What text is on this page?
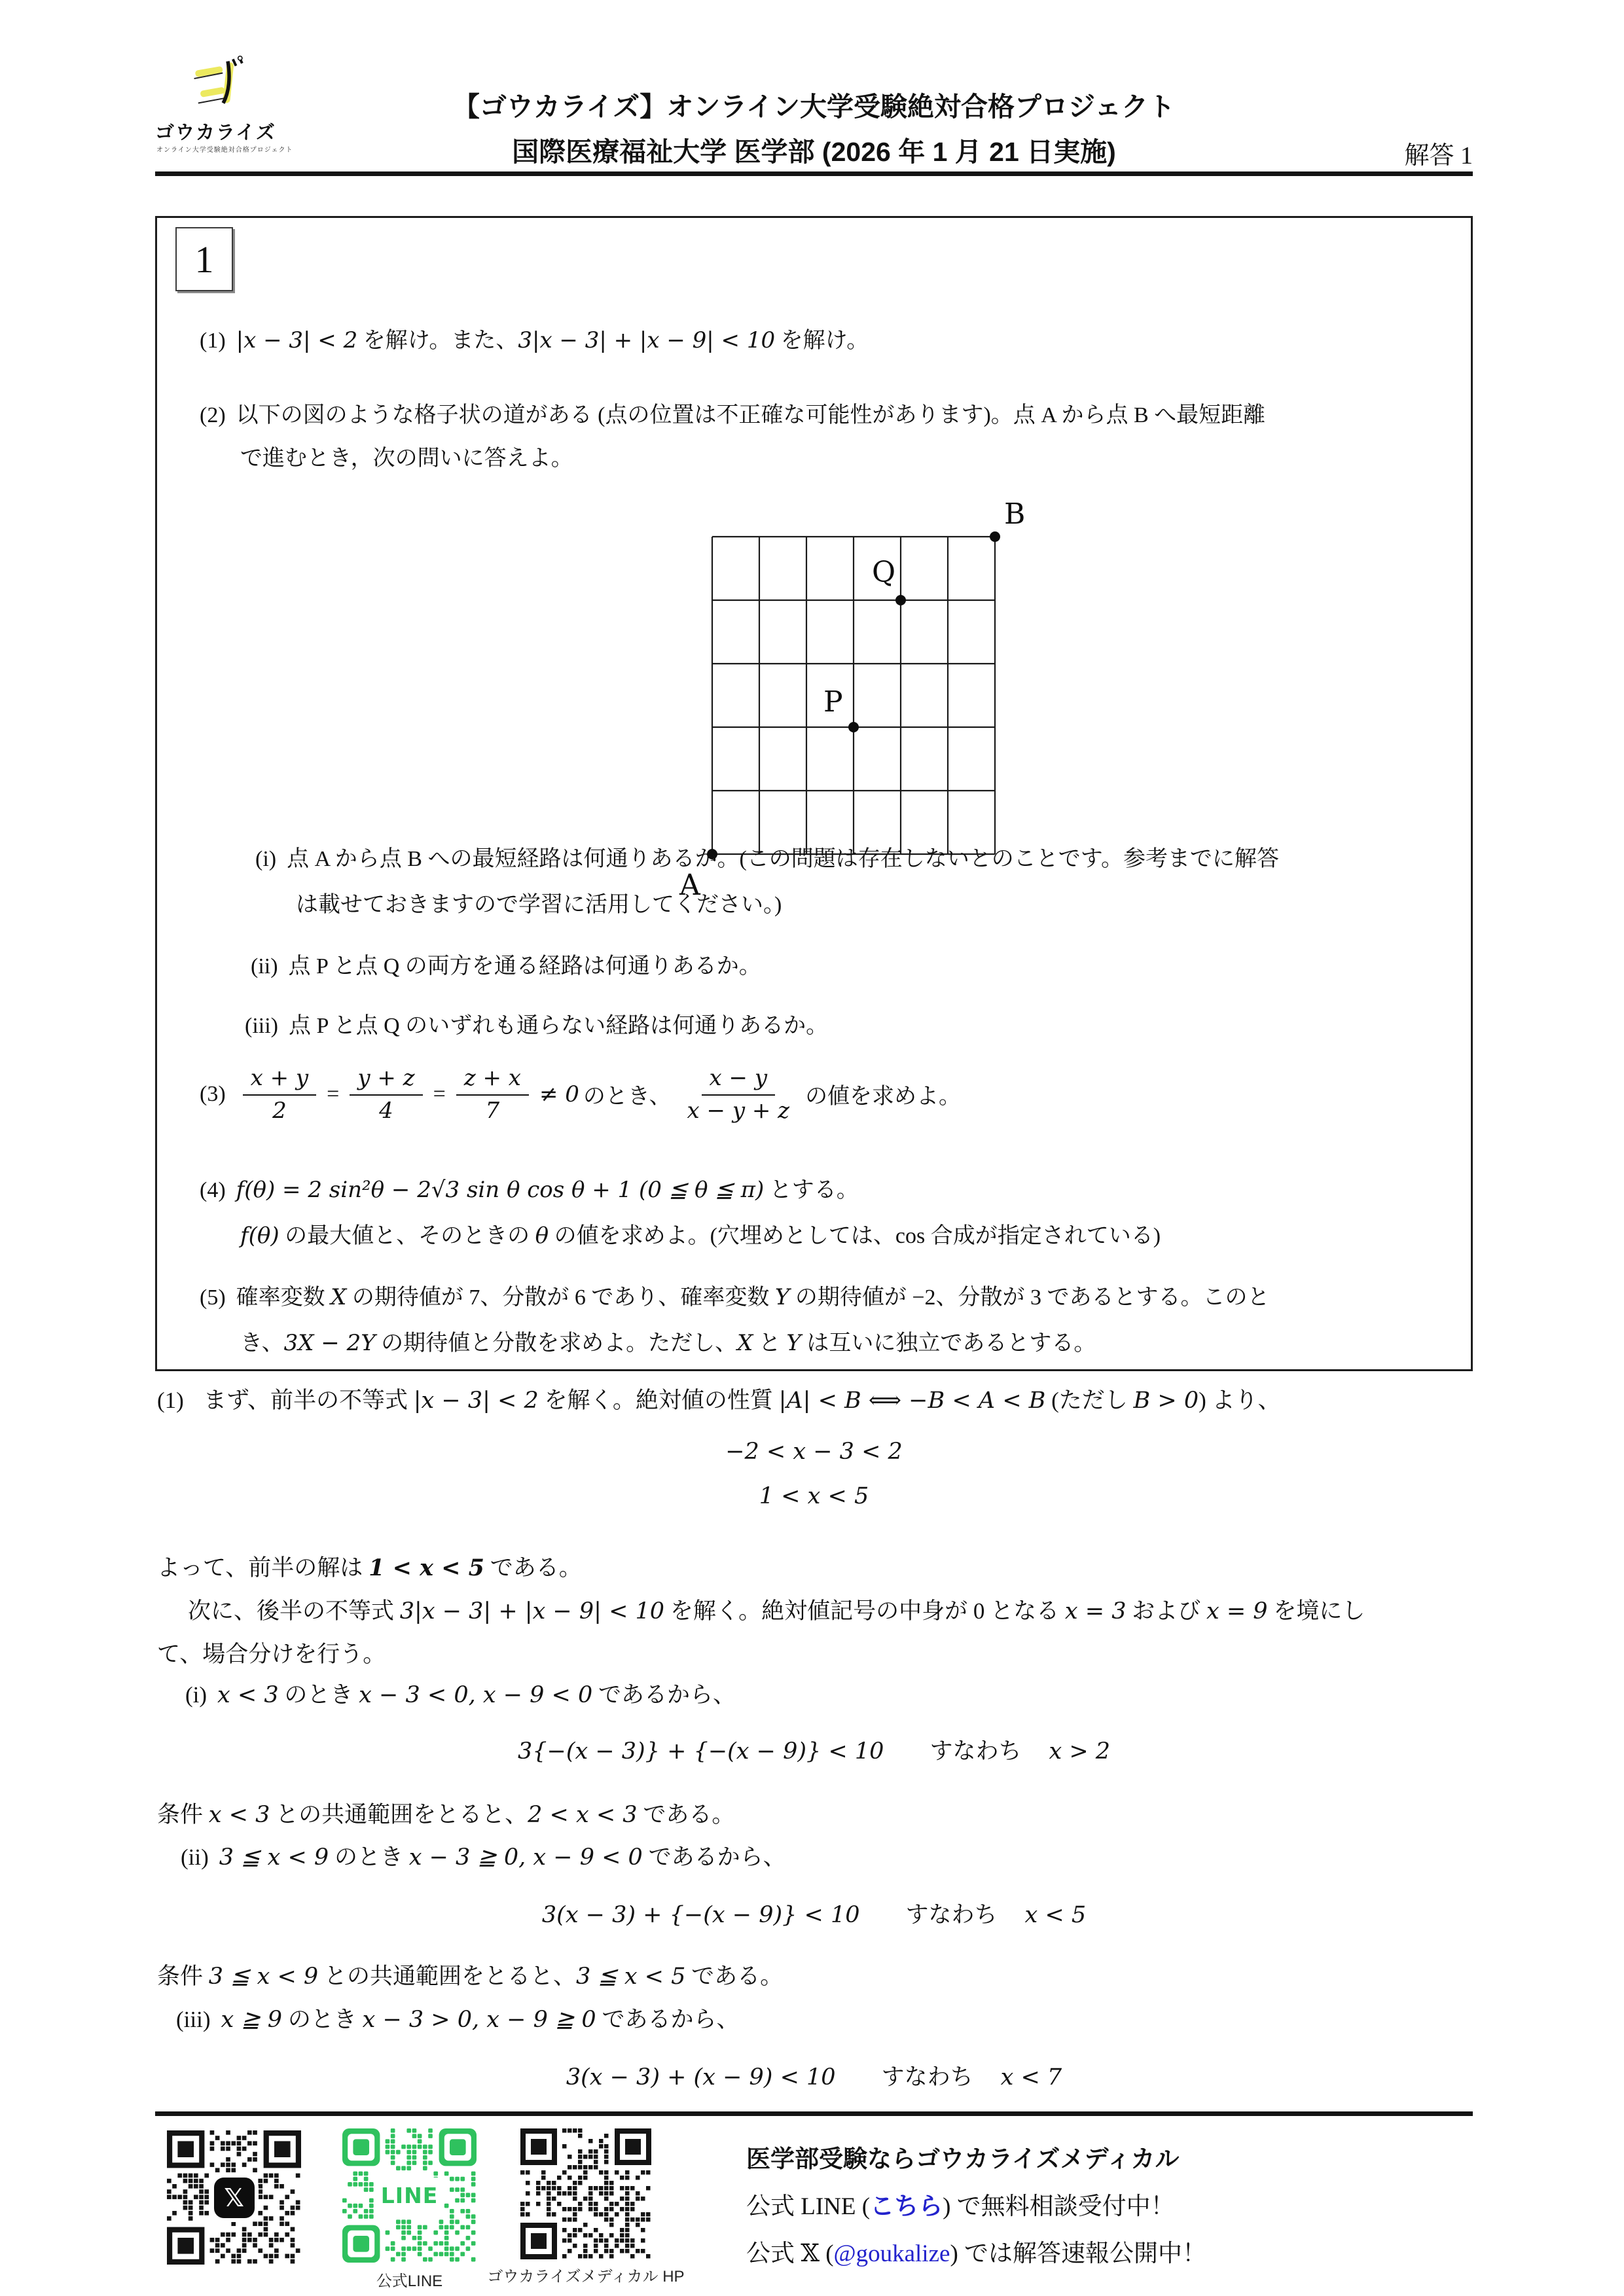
ゴウカライズ
オンライン大学受験絶対合格プロジェクト
【ゴウカライズ】オンライン大学受験絶対合格プロジェクト
国際医療福祉大学 医学部 (2026 年 1 月 21 日実施)	解答 1
1
(1) |x − 3| < 2 を解け。また、3|x − 3| + |x − 9| < 10 を解け。
(2) 以下の図のような格子状の道がある (点の位置は不正確な可能性があります)。点 A から点 B へ最短距離
で進むとき，次の問いに答えよ。
A
B
P
Q
(i) 点 A から点 B への最短経路は何通りあるか。(この問題は存在しないとのことです。参考までに解答
は載せておきますので学習に活用してください。)
(ii) 点 P と点 Q の両方を通る経路は何通りあるか。
(iii) 点 P と点 Q のいずれも通らない経路は何通りあるか。
$(3) \frac{x + y}{2} = \frac{y + z}{4} = \frac{z + x}{7} \ne 0$ のとき、 $\frac{x - y}{x - y + z}$ の値を求めよ。
(4) f(θ) = 2 sin²θ − 2√3 sin θ cos θ + 1 (0 ≦ θ ≦ π) とする。
f(θ) の最大値と、そのときの θ の値を求めよ。(穴埋めとしては、cos 合成が指定されている)
(5) 確率変数 X の期待値が 7、分散が 6 であり、確率変数 Y の期待値が −2、分散が 3 であるとする。このと
き、3X − 2Y の期待値と分散を求めよ。ただし、X と Y は互いに独立であるとする。
(1) まず、前半の不等式 |x − 3| < 2 を解く。絶対値の性質 |A| < B ⟺ −B < A < B (ただし B > 0) より、
−2 < x − 3 < 2
1 < x < 5
よって、前半の解は 1 < x < 5 である。
次に、後半の不等式 3|x − 3| + |x − 9| < 10 を解く。絶対値記号の中身が 0 となる x = 3 および x = 9 を境にし
て、場合分けを行う。
(i) x < 3 のとき x − 3 < 0, x − 9 < 0 であるから、
3{−(x − 3)} + {−(x − 9)} < 10 すなわち x > 2
条件 x < 3 との共通範囲をとると、2 < x < 3 である。
(ii) 3 ≦ x < 9 のとき x − 3 ≧ 0, x − 9 < 0 であるから、
3(x − 3) + {−(x − 9)} < 10 すなわち x < 5
条件 3 ≦ x < 9 との共通範囲をとると、3 ≦ x < 5 である。
(iii) x ≧ 9 のとき x − 3 > 0, x − 9 ≧ 0 であるから、
3(x − 3) + (x − 9) < 10 すなわち x < 7
𝕏	LINE
公式LINE	ゴウカライズメディカル HP
医学部受験ならゴウカライズメディカル
公式 LINE (こちら) で無料相談受付中！
公式 𝕏 (@goukalize) では解答速報公開中！
